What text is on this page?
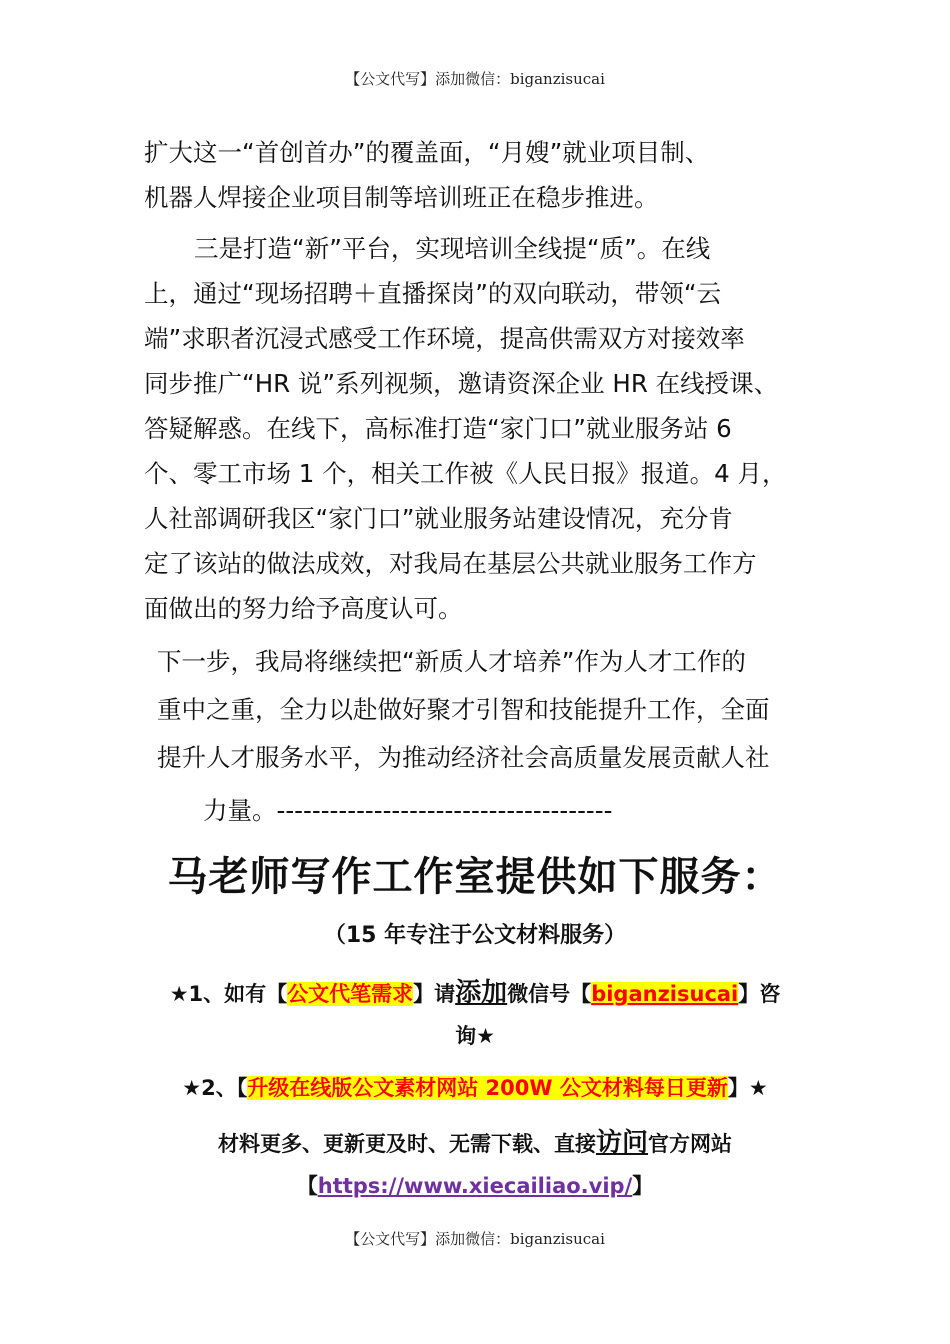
【公文代写】添加微信：biganzisucai

扩大这一“首创首办”的覆盖面，“月嫂”就业项目制、

机器人焊接企业项目制等培训班正在稳步推进。

三是打造“新”平台，实现培训全线提“质”。在线

上，通过“现场招聘＋直播探岗”的双向联动，带领“云

端”求职者沉浸式感受工作环境，提高供需双方对接效率

同步推广“HR 说”系列视频，邀请资深企业 HR 在线授课、

答疑解惑。在线下，高标准打造“家门口”就业服务站 6

个、零工市场 1 个，相关工作被《人民日报》报道。4 月，

人社部调研我区“家门口”就业服务站建设情况，充分肯

定了该站的做法成效，对我局在基层公共就业服务工作方

面做出的努力给予高度认可。

下一步，我局将继续把“新质人才培养”作为人才工作的

重中之重，全力以赴做好聚才引智和技能提升工作，全面

提升人才服务水平，为推动经济社会高质量发展贡献人社

力量。--------------------------------------
马老师写作工作室提供如下服务：
（15 年专注于公文材料服务）
★1、如有【公文代笔需求】请添加微信号【biganzisucai】咨
询★
★2、【升级在线版公文素材网站 200W 公文材料每日更新】★
材料更多、更新更及时、无需下载、直接访问官方网站
【https://www.xiecailiao.vip/】
【公文代写】添加微信：biganzisucai
